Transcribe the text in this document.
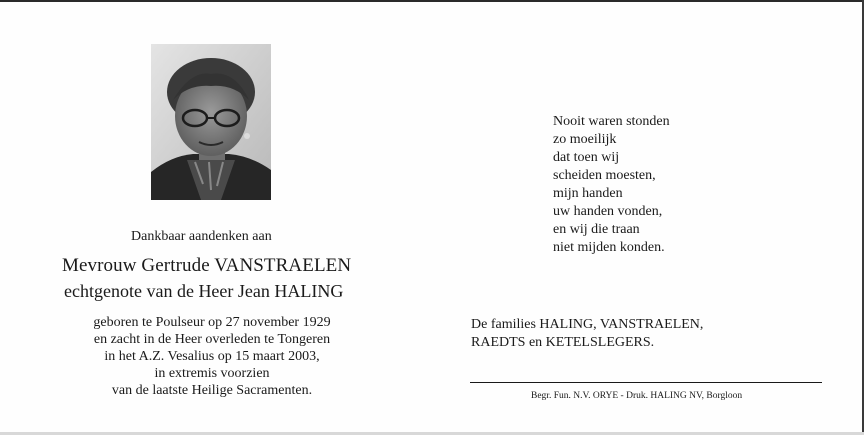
Dankbaar aandenken aan
Mevrouw Gertrude VANSTRAELEN
echtgenote van de Heer Jean HALING
geboren te Poulseur op 27 november 1929
en zacht in de Heer overleden te Tongeren
in het A.Z. Vesalius op 15 maart 2003,
in extremis voorzien
van de laatste Heilige Sacramenten.
Nooit waren stonden
zo moeilijk
dat toen wij
scheiden moesten,
mijn handen
uw handen vonden,
en wij die traan
niet mijden konden.
De families HALING, VANSTRAELEN,
RAEDTS en KETELSLEGERS.
Begr. Fun. N.V. ORYE - Druk. HALING NV, Borgloon
